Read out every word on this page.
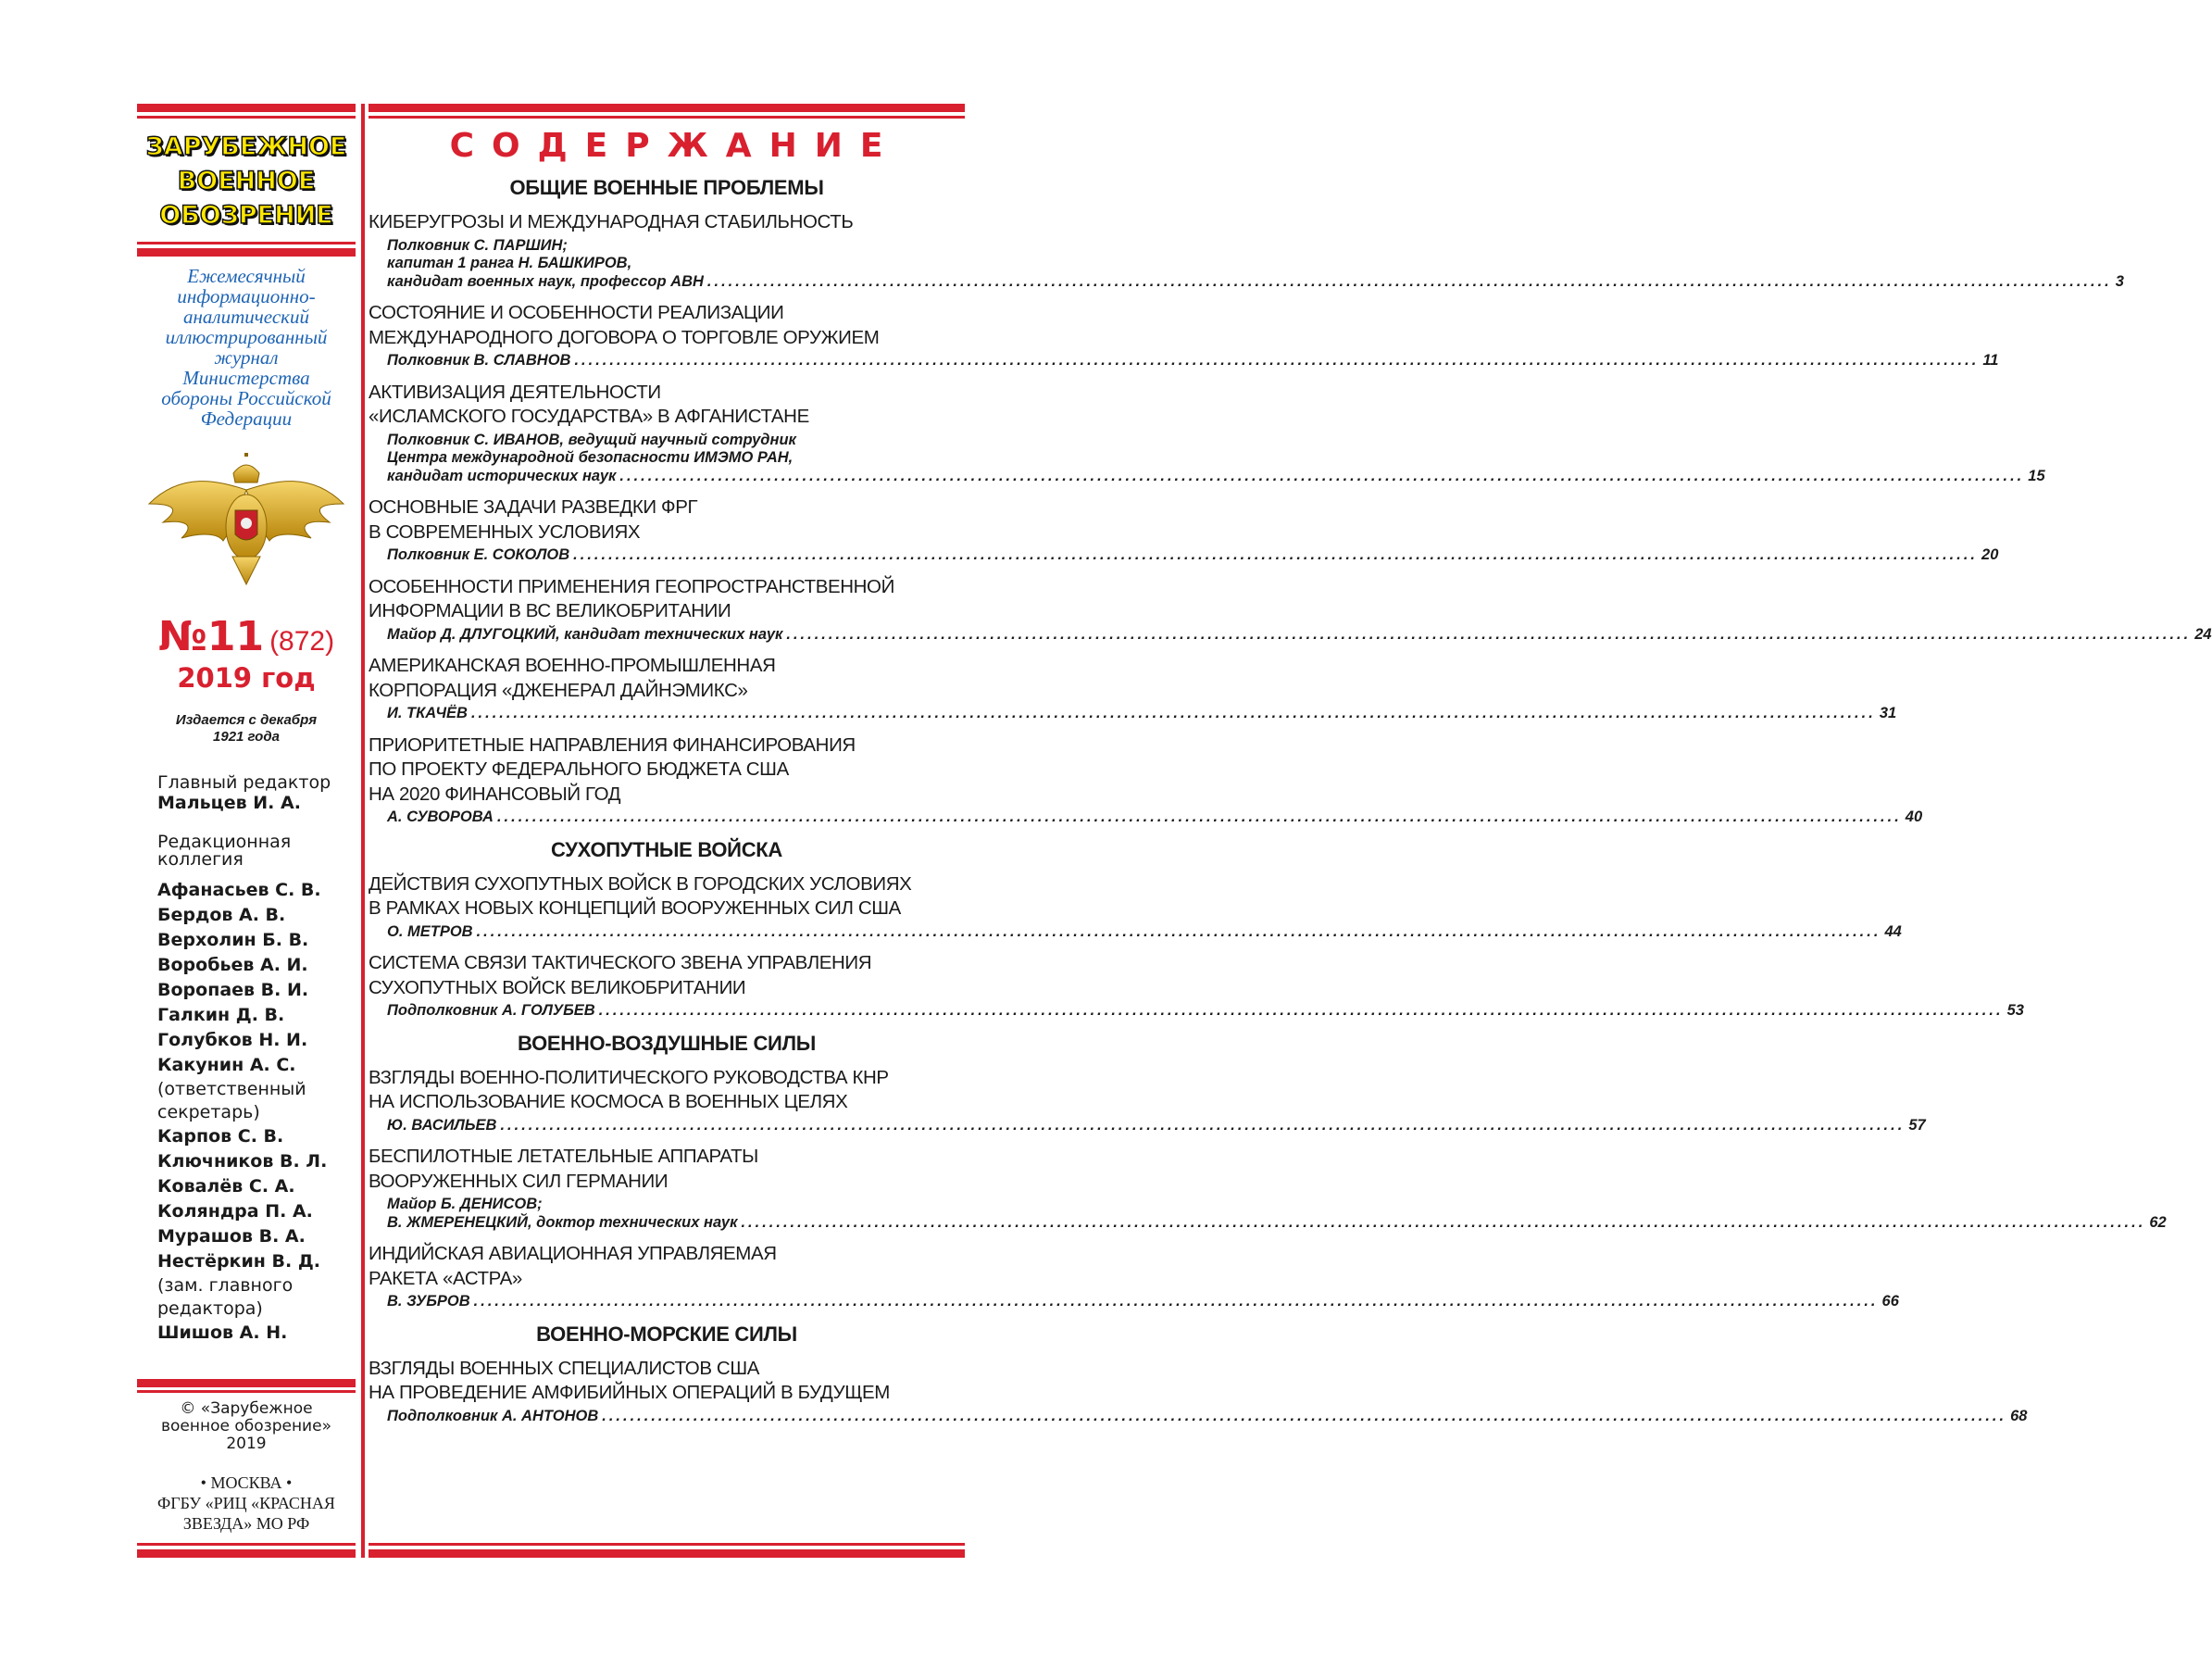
ЗАРУБЕЖНОЕ
ВОЕННОЕ
ОБОЗРЕНИЕ
Ежемесячный
информационно-
аналитический
иллюстрированный
журнал
Министерства
обороны Российской
Федерации
№11 (872)
2019 год
Издается с декабря
1921 года
Главный редактор
Мальцев И. А.
Редакционная
коллегия
Афанасьев С. В.
Бердов А. В.
Верхолин Б. В.
Воробьев А. И.
Воропаев В. И.
Галкин Д. В.
Голубков Н. И.
Какунин А. С.
(ответственный
секретарь)
Карпов С. В.
Ключников В. Л.
Ковалёв С. А.
Коляндра П. А.
Мурашов В. А.
Нестёркин В. Д.
(зам. главного
редактора)
Шишов А. Н.
© «Зарубежное
военное обозрение»
2019
• МОСКВА •
ФГБУ «РИЦ «КРАСНАЯ
ЗВЕЗДА» МО РФ
СОДЕРЖАНИЕ
ОБЩИЕ ВОЕННЫЕ ПРОБЛЕМЫ
КИБЕРУГРОЗЫ И МЕЖДУНАРОДНАЯ СТАБИЛЬНОСТЬ
Полковник С. ПАРШИН;
капитан 1 ранга Н. БАШКИРОВ,
кандидат военных наук, профессор АВН ........................................................................................................................................................................................................ 3
СОСТОЯНИЕ И ОСОБЕННОСТИ РЕАЛИЗАЦИИ
МЕЖДУНАРОДНОГО ДОГОВОРА О ТОРГОВЛЕ ОРУЖИЕМ
Полковник В. СЛАВНОВ ........................................................................................................................................................................................................ 11
АКТИВИЗАЦИЯ ДЕЯТЕЛЬНОСТИ
«ИСЛАМСКОГО ГОСУДАРСТВА» В АФГАНИСТАНЕ
Полковник С. ИВАНОВ, ведущий научный сотрудник
Центра международной безопасности ИМЭМО РАН,
кандидат исторических наук ........................................................................................................................................................................................................ 15
ОСНОВНЫЕ ЗАДАЧИ РАЗВЕДКИ ФРГ
В СОВРЕМЕННЫХ УСЛОВИЯХ
Полковник Е. СОКОЛОВ ........................................................................................................................................................................................................ 20
ОСОБЕННОСТИ ПРИМЕНЕНИЯ ГЕОПРОСТРАНСТВЕННОЙ
ИНФОРМАЦИИ В ВС ВЕЛИКОБРИТАНИИ
Майор Д. ДЛУГОЦКИЙ, кандидат технических наук ........................................................................................................................................................................................................ 24
АМЕРИКАНСКАЯ ВОЕННО-ПРОМЫШЛЕННАЯ
КОРПОРАЦИЯ «ДЖЕНЕРАЛ ДАЙНЭМИКС»
И. ТКАЧЁВ ........................................................................................................................................................................................................ 31
ПРИОРИТЕТНЫЕ НАПРАВЛЕНИЯ ФИНАНСИРОВАНИЯ
ПО ПРОЕКТУ ФЕДЕРАЛЬНОГО БЮДЖЕТА США
НА 2020 ФИНАНСОВЫЙ ГОД
А. СУВОРОВА ........................................................................................................................................................................................................ 40
СУХОПУТНЫЕ ВОЙСКА
ДЕЙСТВИЯ СУХОПУТНЫХ ВОЙСК В ГОРОДСКИХ УСЛОВИЯХ
В РАМКАХ НОВЫХ КОНЦЕПЦИЙ ВООРУЖЕННЫХ СИЛ США
О. МЕТРОВ ........................................................................................................................................................................................................ 44
СИСТЕМА СВЯЗИ ТАКТИЧЕСКОГО ЗВЕНА УПРАВЛЕНИЯ
СУХОПУТНЫХ ВОЙСК ВЕЛИКОБРИТАНИИ
Подполковник А. ГОЛУБЕВ ........................................................................................................................................................................................................ 53
ВОЕННО-ВОЗДУШНЫЕ СИЛЫ
ВЗГЛЯДЫ ВОЕННО-ПОЛИТИЧЕСКОГО РУКОВОДСТВА КНР
НА ИСПОЛЬЗОВАНИЕ КОСМОСА В ВОЕННЫХ ЦЕЛЯХ
Ю. ВАСИЛЬЕВ ........................................................................................................................................................................................................ 57
БЕСПИЛОТНЫЕ ЛЕТАТЕЛЬНЫЕ АППАРАТЫ
ВООРУЖЕННЫХ СИЛ ГЕРМАНИИ
Майор Б. ДЕНИСОВ;
В. ЖМЕРЕНЕЦКИЙ, доктор технических наук ........................................................................................................................................................................................................ 62
ИНДИЙСКАЯ АВИАЦИОННАЯ УПРАВЛЯЕМАЯ
РАКЕТА «АСТРА»
В. ЗУБРОВ ........................................................................................................................................................................................................ 66
ВОЕННО-МОРСКИЕ СИЛЫ
ВЗГЛЯДЫ ВОЕННЫХ СПЕЦИАЛИСТОВ США
НА ПРОВЕДЕНИЕ АМФИБИЙНЫХ ОПЕРАЦИЙ В БУДУЩЕМ
Подполковник А. АНТОНОВ ........................................................................................................................................................................................................ 68
